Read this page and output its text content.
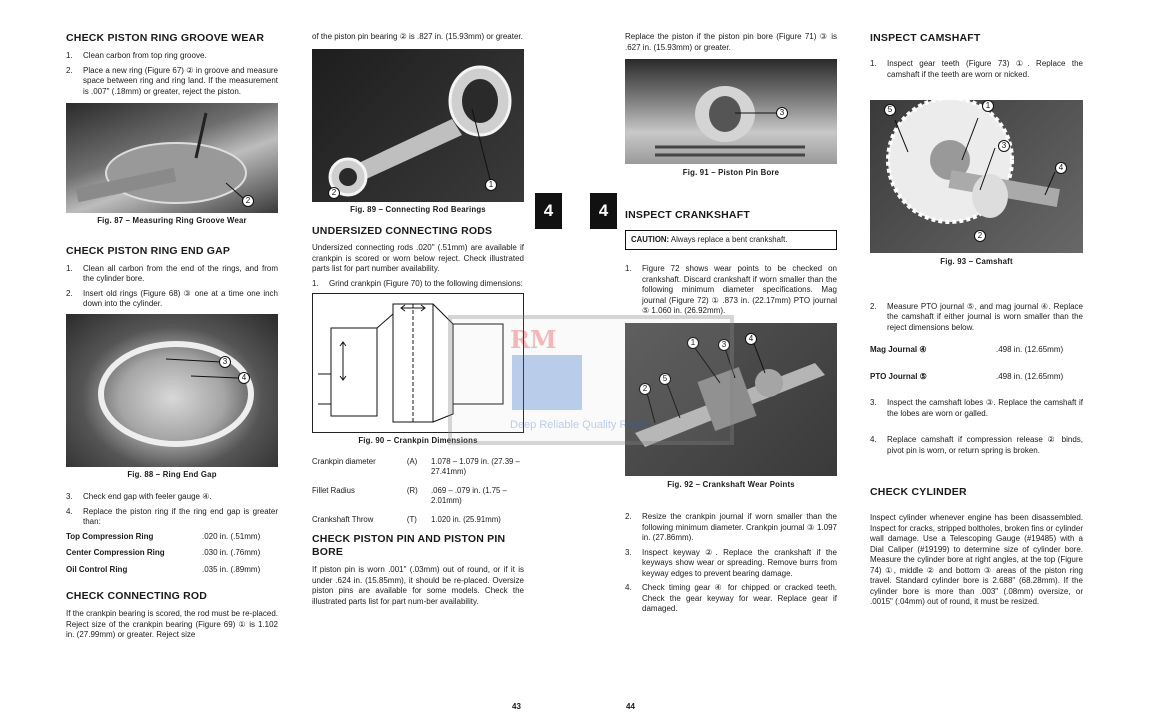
CHECK PISTON RING GROOVE WEAR
1. Clean carbon from top ring groove.
2. Place a new ring (Figure 67) ② in groove and measure space between ring and ring land. If the measurement is .007" (.18mm) or greater, reject the piston.
2
Fig. 87 – Measuring Ring Groove Wear
CHECK PISTON RING END GAP
1. Clean all carbon from the end of the rings, and from the cylinder bore.
2. Insert old rings (Figure 68) ③ one at a time one inch down into the cylinder.
3
4
Fig. 88 – Ring End Gap
3. Check end gap with feeler gauge ④.
4. Replace the piston ring if the ring end gap is greater than:
Top Compression Ring	.020 in. (.51mm)
Center Compression Ring	.030 in. (.76mm)
Oil Control Ring	.035 in. (.89mm)
CHECK CONNECTING ROD

If the crankpin bearing is scored, the rod must be re-placed. Reject size of the crankpin bearing (Figure 69) ① is 1.102 in. (27.99mm) or greater. Reject size

of the piston pin bearing ② is .827 in. (15.93mm) or greater.

1
2
Fig. 89 – Connecting Rod Bearings
UNDERSIZED CONNECTING RODS

Undersized connecting rods .020" (.51mm) are available if crankpin is scored or worn below reject. Check illustrated parts list for part number availability.

1. Grind crankpin (Figure 70) to the following dimensions:
Fig. 90 – Crankpin Dimensions
Crankpin diameter	(A)	1.078 – 1.079 in. (27.39 – 27.41mm)
Fillet Radius	(R)	.069 – .079 in. (1.75 – 2.01mm)
Crankshaft Throw	(T)	1.020 in. (25.91mm)
CHECK PISTON PIN AND PISTON PIN BORE

If piston pin is worn .001" (.03mm) out of round, or if it is under .624 in. (15.85mm), it should be re-placed. Oversize piston pins are available for some models. Check the illustrated parts list for part num-ber availability.

4	4

Replace the piston if the piston pin bore (Figure 71) ③ is .627 in. (15.93mm) or greater.

3
Fig. 91 – Piston Pin Bore
INSPECT CRANKSHAFT
CAUTION: Always replace a bent crankshaft.
1. Figure 72 shows wear points to be checked on crankshaft. Discard crankshaft if worn smaller than the following minimum diameter specifications. Mag journal (Figure 72) ① .873 in. (22.17mm) PTO journal ⑤ 1.060 in. (26.92mm).
1
2
3
4
5
Fig. 92 – Crankshaft Wear Points
2. Resize the crankpin journal if worn smaller than the following minimum diameter. Crankpin journal ③ 1.097 in. (27.86mm).
3. Inspect keyway ②. Replace the crankshaft if the keyways show wear or spreading. Remove burrs from keyway edges to prevent bearing damage.
4. Check timing gear ④ for chipped or cracked teeth. Check the gear keyway for wear. Replace gear if damaged.
INSPECT CAMSHAFT
1. Inspect gear teeth (Figure 73) ①. Replace the camshaft if the teeth are worn or nicked.
1
2
3
4
5
Fig. 93 – Camshaft
2. Measure PTO journal ⑤, and mag journal ④. Replace the camshaft if either journal is worn smaller than the reject dimensions below.
Mag Journal ④	.498 in. (12.65mm)
PTO Journal ⑤	.498 in. (12.65mm)
3. Inspect the camshaft lobes ③. Replace the camshaft if the lobes are worn or galled.
4. Replace camshaft if compression release ② binds, pivot pin is worn, or return spring is broken.
CHECK CYLINDER

Inspect cylinder whenever engine has been disassembled. Inspect for cracks, stripped boltholes, broken fins or cylinder wall damage. Use a Telescoping Gauge (#19485) with a Dial Caliper (#19199) to determine size of cylinder bore. Measure the cylinder bore at right angles, at the top (Figure 74) ①, middle ② and bottom ③ areas of the piston ring travel. Standard cylinder bore is 2.688" (68.28mm). If the cylinder bore is more than .003" (.08mm) oversize, or .0015" (.04mm) out of round, it must be resized.

RM
Deep Reliable Quality Repair
43	44
